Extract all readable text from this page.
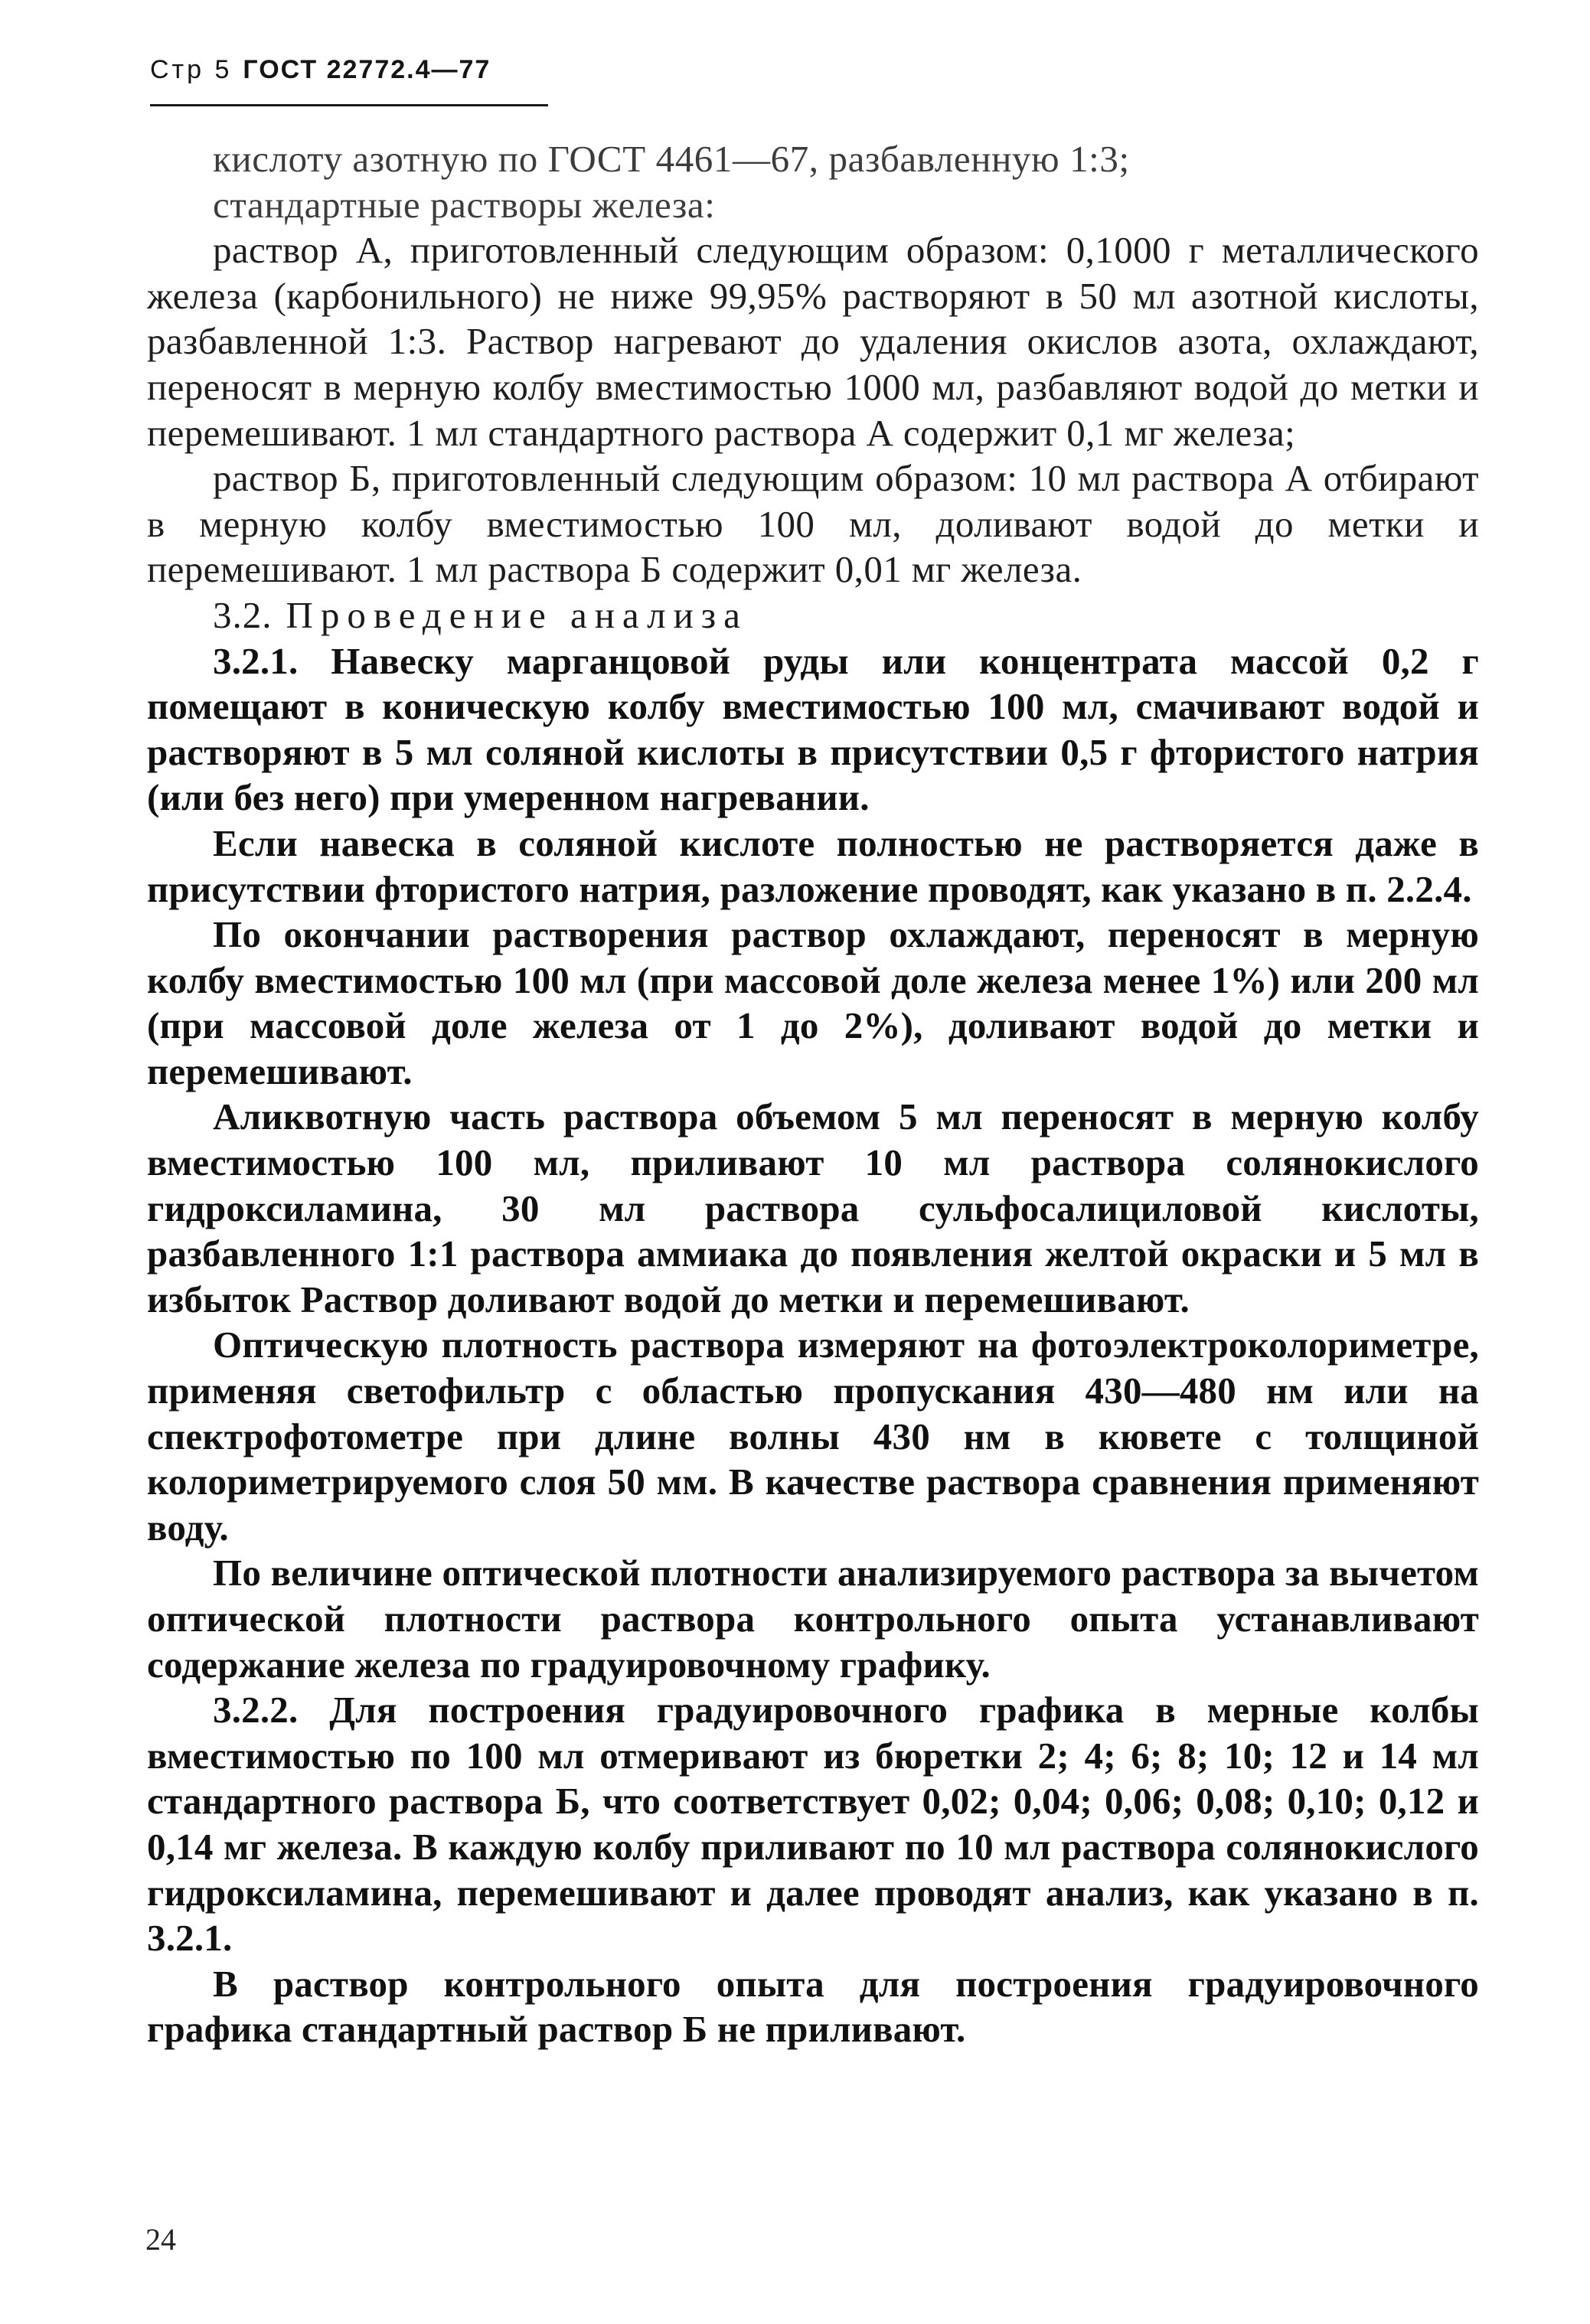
Стр 5 ГОСТ 22772.4—77

кислоту азотную по ГОСТ 4461—67, разбавленную 1:3;

стандартные растворы железа:

раствор А, приготовленный следующим образом: 0,1000 г металлического железа (карбонильного) не ниже 99,95% растворяют в 50 мл азотной кислоты, разбавленной 1:3. Раствор нагревают до удаления окислов азота, охлаждают, переносят в мерную колбу вместимостью 1000 мл, разбавляют водой до метки и перемешивают. 1 мл стандартного раствора А содержит 0,1 мг железа;

раствор Б, приготовленный следующим образом: 10 мл раствора А отбирают в мерную колбу вместимостью 100 мл, доливают водой до метки и перемешивают. 1 мл раствора Б содержит 0,01 мг железа.

3.2. Проведение анализа

3.2.1. Навеску марганцовой руды или концентрата массой 0,2 г помещают в коническую колбу вместимостью 100 мл, смачивают водой и растворяют в 5 мл соляной кислоты в присутствии 0,5 г фтористого натрия (или без него) при умеренном нагревании.

Если навеска в соляной кислоте полностью не растворяется даже в присутствии фтористого натрия, разложение проводят, как указано в п. 2.2.4.

По окончании растворения раствор охлаждают, переносят в мерную колбу вместимостью 100 мл (при массовой доле железа менее 1%) или 200 мл (при массовой доле железа от 1 до 2%), доливают водой до метки и перемешивают.

Аликвотную часть раствора объемом 5 мл переносят в мерную колбу вместимостью 100 мл, приливают 10 мл раствора солянокислого гидроксиламина, 30 мл раствора сульфосалициловой кислоты, разбавленного 1:1 раствора аммиака до появления желтой окраски и 5 мл в избыток Раствор доливают водой до метки и перемешивают.

Оптическую плотность раствора измеряют на фотоэлектроколориметре, применяя светофильтр с областью пропускания 430—480 нм или на спектрофотометре при длине волны 430 нм в кювете с толщиной колориметрируемого слоя 50 мм. В качестве раствора сравнения применяют воду.

По величине оптической плотности анализируемого раствора за вычетом оптической плотности раствора контрольного опыта устанавливают содержание железа по градуировочному графику.

3.2.2. Для построения градуировочного графика в мерные колбы вместимостью по 100 мл отмеривают из бюретки 2; 4; 6; 8; 10; 12 и 14 мл стандартного раствора Б, что соответствует 0,02; 0,04; 0,06; 0,08; 0,10; 0,12 и 0,14 мг железа. В каждую колбу приливают по 10 мл раствора солянокислого гидроксиламина, перемешивают и далее проводят анализ, как указано в п. 3.2.1.

В раствор контрольного опыта для построения градуировочного графика стандартный раствор Б не приливают.

24
